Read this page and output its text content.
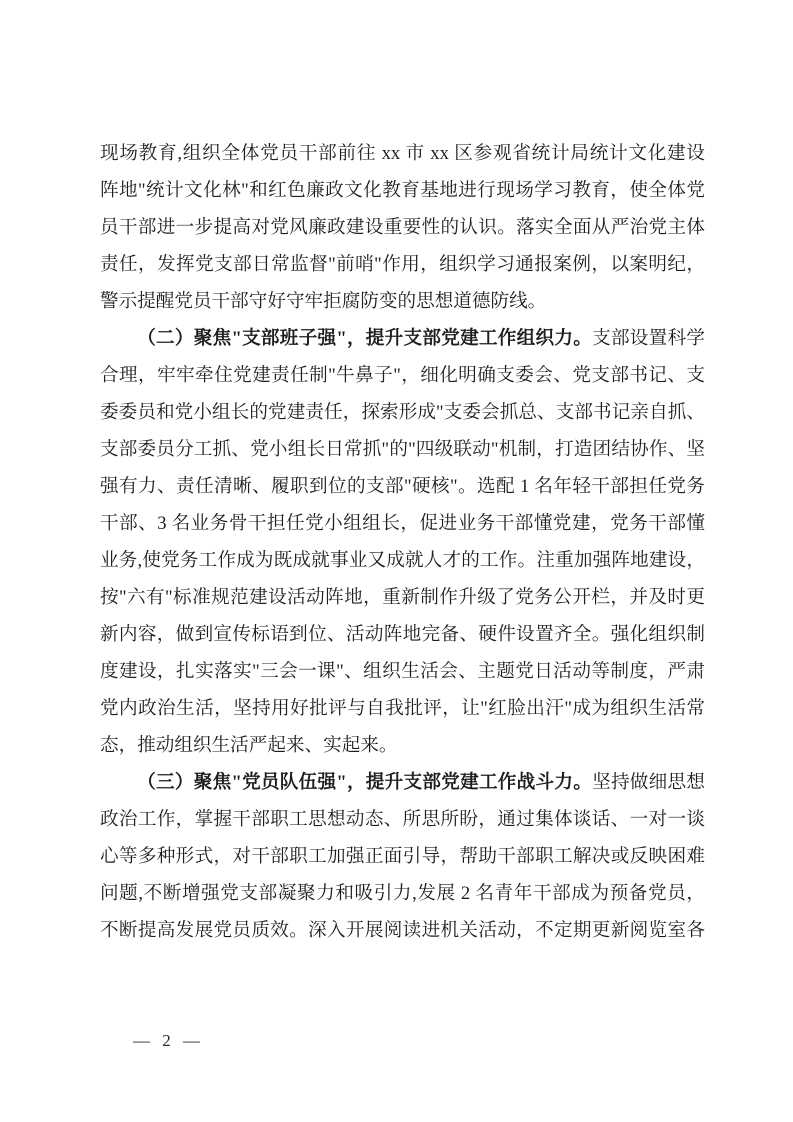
现场教育,组织全体党员干部前往 xx 市 xx 区参观省统计局统计文化建设
阵地"统计文化林"和红色廉政文化教育基地进行现场学习教育，使全体党
员干部进一步提高对党风廉政建设重要性的认识。落实全面从严治党主体
责任，发挥党支部日常监督"前哨"作用，组织学习通报案例，以案明纪，
警示提醒党员干部守好守牢拒腐防变的思想道德防线。
（二）聚焦"支部班子强"，提升支部党建工作组织力。支部设置科学
合理，牢牢牵住党建责任制"牛鼻子"，细化明确支委会、党支部书记、支
委委员和党小组长的党建责任，探索形成"支委会抓总、支部书记亲自抓、
支部委员分工抓、党小组长日常抓"的"四级联动"机制，打造团结协作、坚
强有力、责任清晰、履职到位的支部"硬核"。选配 1 名年轻干部担任党务
干部、3 名业务骨干担任党小组组长，促进业务干部懂党建，党务干部懂
业务,使党务工作成为既成就事业又成就人才的工作。注重加强阵地建设，
按"六有"标准规范建设活动阵地，重新制作升级了党务公开栏，并及时更
新内容，做到宣传标语到位、活动阵地完备、硬件设置齐全。强化组织制
度建设，扎实落实"三会一课"、组织生活会、主题党日活动等制度，严肃
党内政治生活，坚持用好批评与自我批评，让"红脸出汗"成为组织生活常
态，推动组织生活严起来、实起来。
（三）聚焦"党员队伍强"，提升支部党建工作战斗力。坚持做细思想
政治工作，掌握干部职工思想动态、所思所盼，通过集体谈话、一对一谈
心等多种形式，对干部职工加强正面引导，帮助干部职工解决或反映困难
问题,不断增强党支部凝聚力和吸引力,发展 2 名青年干部成为预备党员，
不断提高发展党员质效。深入开展阅读进机关活动，不定期更新阅览室各
— 2 —
